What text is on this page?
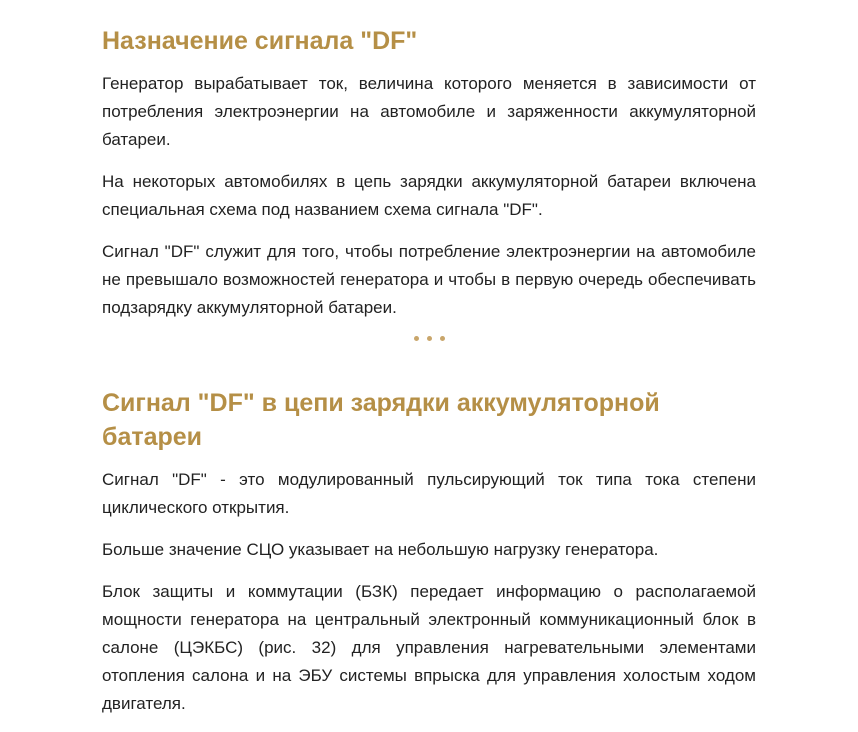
Назначение сигнала "DF"

Генератор вырабатывает ток, величина которого меняется в зависимости от потребления электроэнергии на автомобиле и заряженности аккумуляторной батареи.

На некоторых автомобилях в цепь зарядки аккумуляторной батареи включена специальная схема под названием схема сигнала "DF".

Сигнал "DF" служит для того, чтобы потребление электроэнергии на автомобиле не превышало возможностей генератора и чтобы в первую очередь обеспечивать подзарядку аккумуляторной батареи.

Сигнал "DF" в цепи зарядки аккумуляторной батареи

Сигнал "DF" - это модулированный пульсирующий ток типа тока степени циклического открытия.

Больше значение СЦО указывает на небольшую нагрузку генератора.

Блок защиты и коммутации (БЗК) передает информацию о располагаемой мощности генератора на центральный электронный коммуникационный блок в салоне (ЦЭКБС) (рис. 32) для управления нагревательными элементами отопления салона и на ЭБУ системы впрыска для управления холостым ходом двигателя.
